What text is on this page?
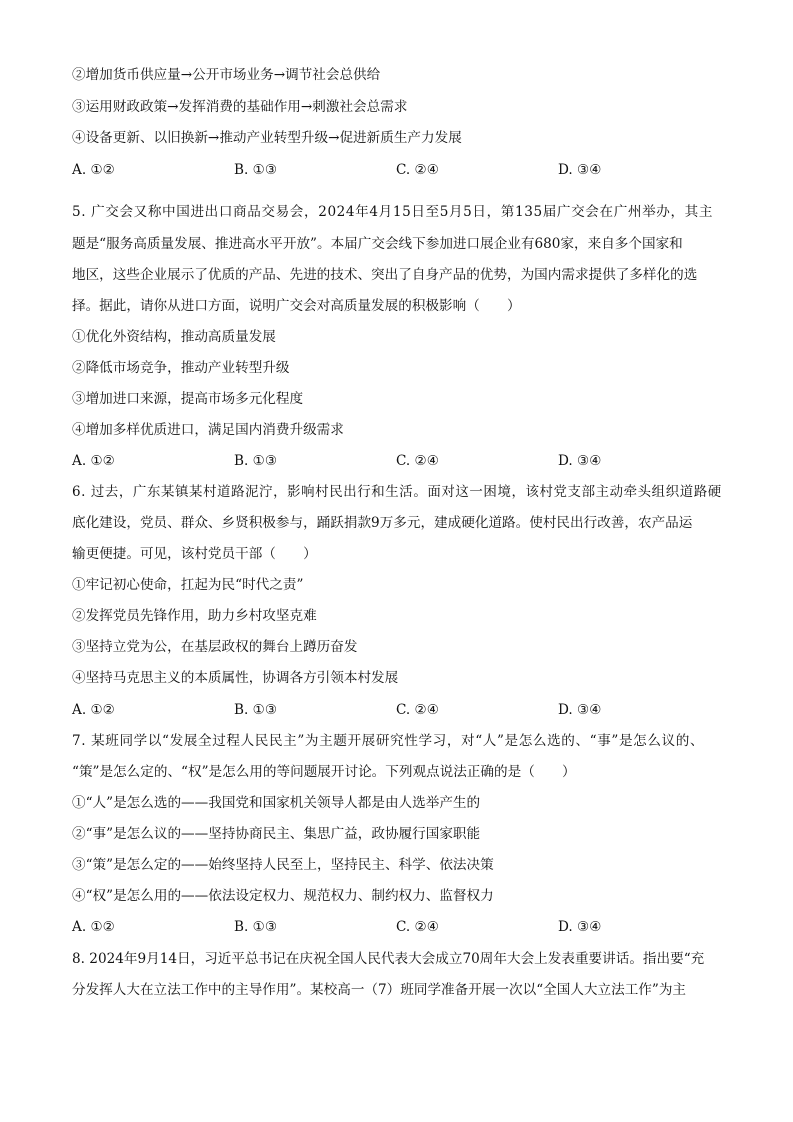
②增加货币供应量→公开市场业务→调节社会总供给
③运用财政政策→发挥消费的基础作用→刺激社会总需求
④设备更新、以旧换新→推动产业转型升级→促进新质生产力发展
A. ①②	B. ①③	C. ②④	D. ③④
5. 广交会又称中国进出口商品交易会，2024年4月15日至5月5日，第135届广交会在广州举办，其主
题是“服务高质量发展、推进高水平开放”。本届广交会线下参加进口展企业有680家，来自多个国家和
地区，这些企业展示了优质的产品、先进的技术、突出了自身产品的优势，为国内需求提供了多样化的选
择。据此，请你从进口方面，说明广交会对高质量发展的积极影响（　　）
①优化外资结构，推动高质量发展
②降低市场竞争，推动产业转型升级
③增加进口来源，提高市场多元化程度
④增加多样优质进口，满足国内消费升级需求
A. ①②	B. ①③	C. ②④	D. ③④
6. 过去，广东某镇某村道路泥泞，影响村民出行和生活。面对这一困境，该村党支部主动牵头组织道路硬
底化建设，党员、群众、乡贤积极参与，踊跃捐款9万多元，建成硬化道路。使村民出行改善，农产品运
输更便捷。可见，该村党员干部（　　）
①牢记初心使命，扛起为民“时代之责”
②发挥党员先锋作用，助力乡村攻坚克难
③坚持立党为公，在基层政权的舞台上蹲历奋发
④坚持马克思主义的本质属性，协调各方引领本村发展
A. ①②	B. ①③	C. ②④	D. ③④
7. 某班同学以“发展全过程人民民主”为主题开展研究性学习，对“人”是怎么选的、“事”是怎么议的、
“策”是怎么定的、“权”是怎么用的等问题展开讨论。下列观点说法正确的是（　　）
①“人”是怎么选的——我国党和国家机关领导人都是由人选举产生的
②“事”是怎么议的——坚持协商民主、集思广益，政协履行国家职能
③“策”是怎么定的——始终坚持人民至上，坚持民主、科学、依法决策
④“权”是怎么用的——依法设定权力、规范权力、制约权力、监督权力
A. ①②	B. ①③	C. ②④	D. ③④
8. 2024年9月14日，习近平总书记在庆祝全国人民代表大会成立70周年大会上发表重要讲话。指出要“充
分发挥人大在立法工作中的主导作用”。某校高一（7）班同学准备开展一次以“全国人大立法工作”为主
